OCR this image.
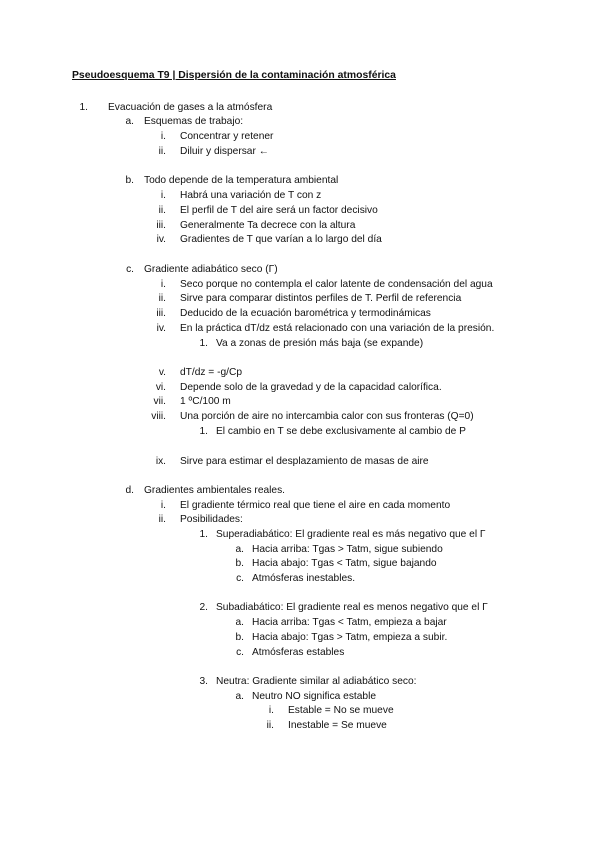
Pseudoesquema T9 | Dispersión de la contaminación atmosférica
1. Evacuación de gases a la atmósfera
a. Esquemas de trabajo:
i. Concentrar y retener
ii. Diluir y dispersar ←
b. Todo depende de la temperatura ambiental
i. Habrá una variación de T con z
ii. El perfil de T del aire será un factor decisivo
iii. Generalmente Ta decrece con la altura
iv. Gradientes de T que varían a lo largo del día
c. Gradiente adiabático seco (Γ)
i. Seco porque no contempla el calor latente de condensación del agua
ii. Sirve para comparar distintos perfiles de T. Perfil de referencia
iii. Deducido de la ecuación barométrica y termodinámicas
iv. En la práctica dT/dz está relacionado con una variación de la presión.
1. Va a zonas de presión más baja (se expande)
v. dT/dz = -g/Cp
vi. Depende solo de la gravedad y de la capacidad calorífica.
vii. 1 ºC/100 m
viii. Una porción de aire no intercambia calor con sus fronteras (Q=0)
1. El cambio en T se debe exclusivamente al cambio de P
ix. Sirve para estimar el desplazamiento de masas de aire
d. Gradientes ambientales reales.
i. El gradiente térmico real que tiene el aire en cada momento
ii. Posibilidades:
1. Superadiabático: El gradiente real es más negativo que el Γ
a. Hacia arriba: Tgas > Tatm, sigue subiendo
b. Hacia abajo: Tgas < Tatm, sigue bajando
c. Atmósferas inestables.
2. Subadiabático: El gradiente real es menos negativo que el Γ
a. Hacia arriba: Tgas < Tatm, empieza a bajar
b. Hacia abajo: Tgas > Tatm, empieza a subir.
c. Atmósferas estables
3. Neutra: Gradiente similar al adiabático seco:
a. Neutro NO significa estable
i. Estable = No se mueve
ii. Inestable = Se mueve
